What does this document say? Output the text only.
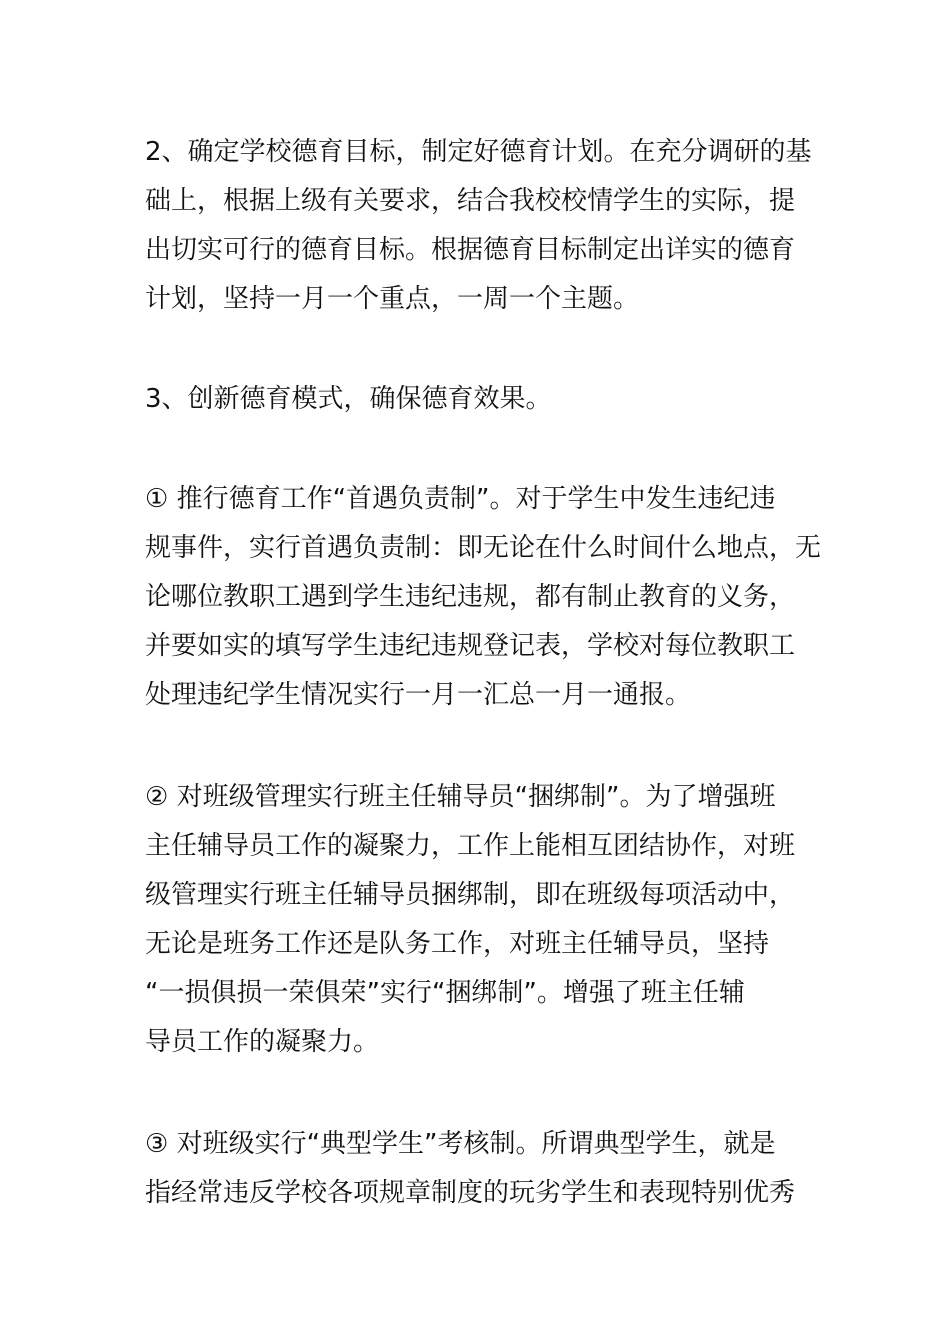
2、确定学校德育目标，制定好德育计划。在充分调研的基
础上，根据上级有关要求，结合我校校情学生的实际，提
出切实可行的德育目标。根据德育目标制定出详实的德育
计划，坚持一月一个重点，一周一个主题。
3、创新德育模式，确保德育效果。
① 推行德育工作“首遇负责制”。对于学生中发生违纪违
规事件，实行首遇负责制：即无论在什么时间什么地点，无
论哪位教职工遇到学生违纪违规，都有制止教育的义务，
并要如实的填写学生违纪违规登记表，学校对每位教职工
处理违纪学生情况实行一月一汇总一月一通报。
② 对班级管理实行班主任辅导员“捆绑制”。为了增强班
主任辅导员工作的凝聚力，工作上能相互团结协作，对班
级管理实行班主任辅导员捆绑制，即在班级每项活动中，
无论是班务工作还是队务工作，对班主任辅导员，坚持
“一损俱损一荣俱荣”实行“捆绑制”。增强了班主任辅
导员工作的凝聚力。
③ 对班级实行“典型学生”考核制。所谓典型学生，就是
指经常违反学校各项规章制度的玩劣学生和表现特别优秀
